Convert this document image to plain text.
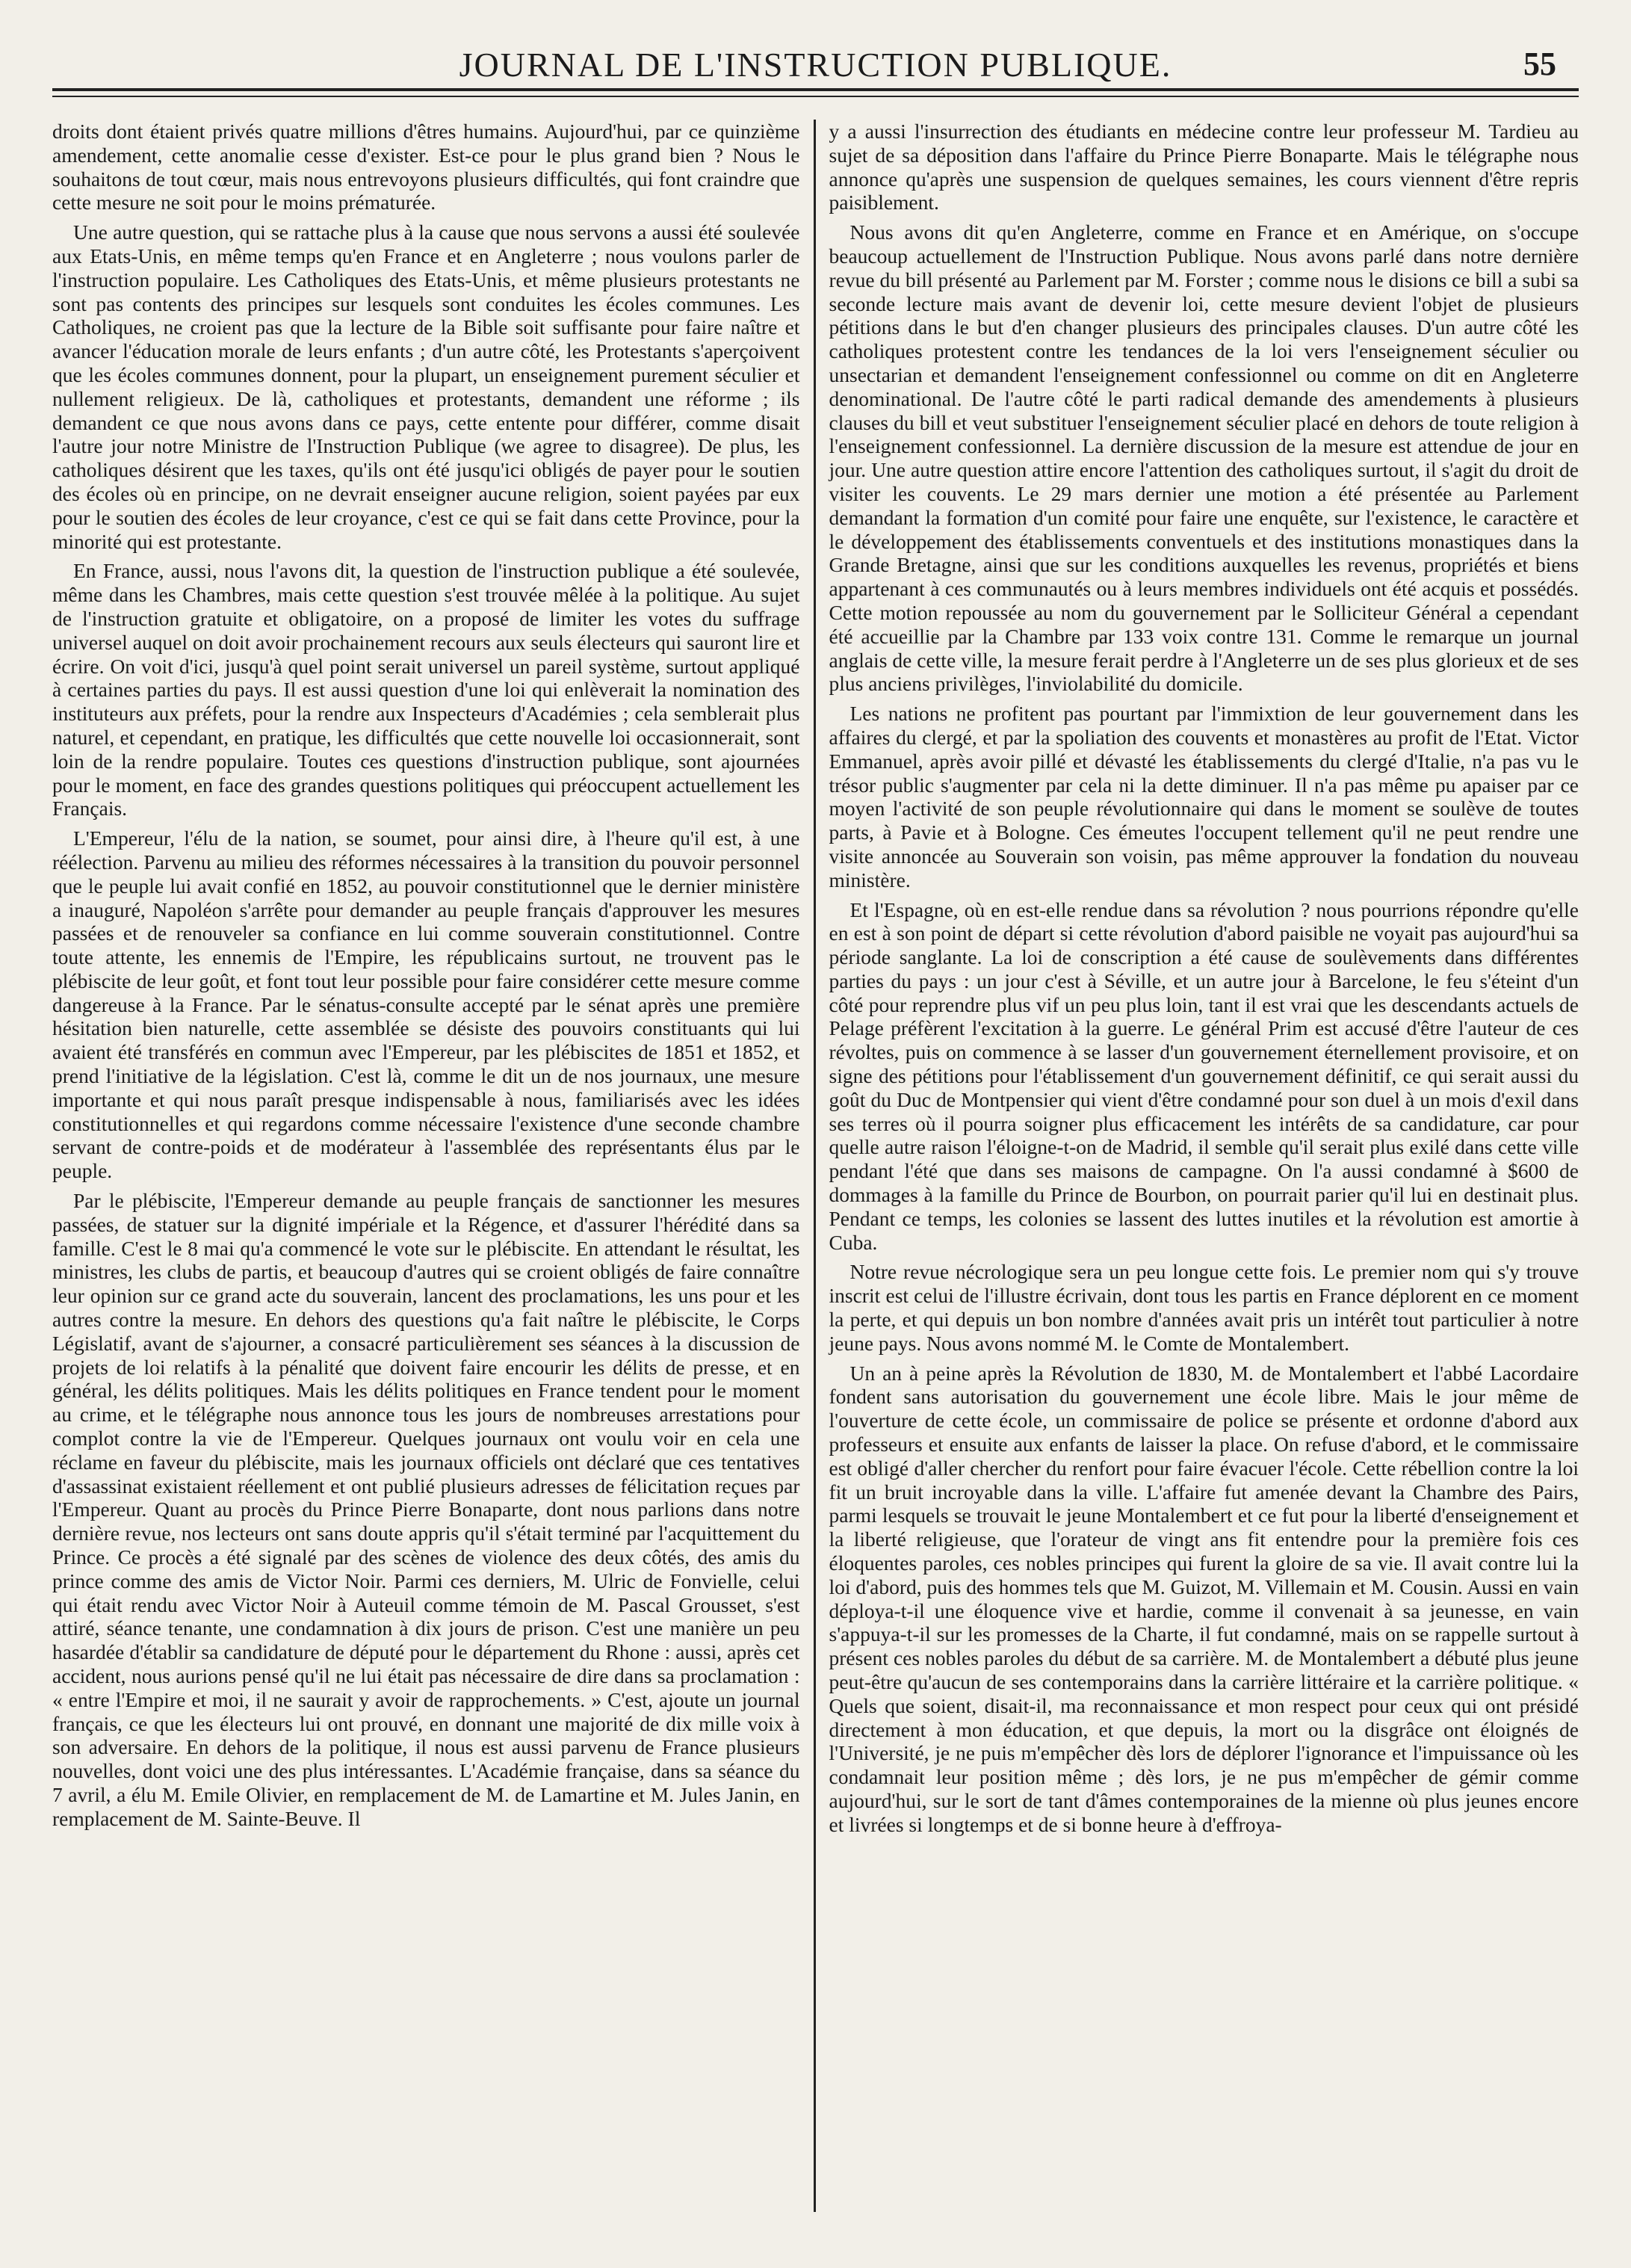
JOURNAL DE L'INSTRUCTION PUBLIQUE.	55

droits dont étaient privés quatre millions d'êtres humains. Aujourd'hui, par ce quinzième amendement, cette anomalie cesse d'exister. Est-ce pour le plus grand bien ? Nous le souhaitons de tout cœur, mais nous entrevoyons plusieurs difficultés, qui font craindre que cette mesure ne soit pour le moins prématurée.

Une autre question, qui se rattache plus à la cause que nous servons a aussi été soulevée aux Etats-Unis, en même temps qu'en France et en Angleterre ; nous voulons parler de l'instruction populaire. Les Catholiques des Etats-Unis, et même plusieurs protestants ne sont pas contents des principes sur lesquels sont conduites les écoles communes. Les Catholiques, ne croient pas que la lecture de la Bible soit suffisante pour faire naître et avancer l'éducation morale de leurs enfants ; d'un autre côté, les Protestants s'aperçoivent que les écoles communes donnent, pour la plupart, un enseignement purement séculier et nullement religieux. De là, catholiques et protestants, demandent une réforme ; ils demandent ce que nous avons dans ce pays, cette entente pour différer, comme disait l'autre jour notre Ministre de l'Instruction Publique (we agree to disagree). De plus, les catholiques désirent que les taxes, qu'ils ont été jusqu'ici obligés de payer pour le soutien des écoles où en principe, on ne devrait enseigner aucune religion, soient payées par eux pour le soutien des écoles de leur croyance, c'est ce qui se fait dans cette Province, pour la minorité qui est protestante.

En France, aussi, nous l'avons dit, la question de l'instruction publique a été soulevée, même dans les Chambres, mais cette question s'est trouvée mêlée à la politique. Au sujet de l'instruction gratuite et obligatoire, on a proposé de limiter les votes du suffrage universel auquel on doit avoir prochainement recours aux seuls électeurs qui sauront lire et écrire. On voit d'ici, jusqu'à quel point serait universel un pareil système, surtout appliqué à certaines parties du pays. Il est aussi question d'une loi qui enlèverait la nomination des instituteurs aux préfets, pour la rendre aux Inspecteurs d'Académies ; cela semblerait plus naturel, et cependant, en pratique, les difficultés que cette nouvelle loi occasionnerait, sont loin de la rendre populaire. Toutes ces questions d'instruction publique, sont ajournées pour le moment, en face des grandes questions politiques qui préoccupent actuellement les Français.

L'Empereur, l'élu de la nation, se soumet, pour ainsi dire, à l'heure qu'il est, à une réélection. Parvenu au milieu des réformes nécessaires à la transition du pouvoir personnel que le peuple lui avait confié en 1852, au pouvoir constitutionnel que le dernier ministère a inauguré, Napoléon s'arrête pour demander au peuple français d'approuver les mesures passées et de renouveler sa confiance en lui comme souverain constitutionnel. Contre toute attente, les ennemis de l'Empire, les républicains surtout, ne trouvent pas le plébiscite de leur goût, et font tout leur possible pour faire considérer cette mesure comme dangereuse à la France. Par le sénatus-consulte accepté par le sénat après une première hésitation bien naturelle, cette assemblée se désiste des pouvoirs constituants qui lui avaient été transférés en commun avec l'Empereur, par les plébiscites de 1851 et 1852, et prend l'initiative de la législation. C'est là, comme le dit un de nos journaux, une mesure importante et qui nous paraît presque indispensable à nous, familiarisés avec les idées constitutionnelles et qui regardons comme nécessaire l'existence d'une seconde chambre servant de contre-poids et de modérateur à l'assemblée des représentants élus par le peuple.

Par le plébiscite, l'Empereur demande au peuple français de sanctionner les mesures passées, de statuer sur la dignité impériale et la Régence, et d'assurer l'hérédité dans sa famille. C'est le 8 mai qu'a commencé le vote sur le plébiscite. En attendant le résultat, les ministres, les clubs de partis, et beaucoup d'autres qui se croient obligés de faire connaître leur opinion sur ce grand acte du souverain, lancent des proclamations, les uns pour et les autres contre la mesure. En dehors des questions qu'a fait naître le plébiscite, le Corps Législatif, avant de s'ajourner, a consacré particulièrement ses séances à la discussion de projets de loi relatifs à la pénalité que doivent faire encourir les délits de presse, et en général, les délits politiques. Mais les délits politiques en France tendent pour le moment au crime, et le télégraphe nous annonce tous les jours de nombreuses arrestations pour complot contre la vie de l'Empereur. Quelques journaux ont voulu voir en cela une réclame en faveur du plébiscite, mais les journaux officiels ont déclaré que ces tentatives d'assassinat existaient réellement et ont publié plusieurs adresses de félicitation reçues par l'Empereur. Quant au procès du Prince Pierre Bonaparte, dont nous parlions dans notre dernière revue, nos lecteurs ont sans doute appris qu'il s'était terminé par l'acquittement du Prince. Ce procès a été signalé par des scènes de violence des deux côtés, des amis du prince comme des amis de Victor Noir. Parmi ces derniers, M. Ulric de Fonvielle, celui qui était rendu avec Victor Noir à Auteuil comme témoin de M. Pascal Grousset, s'est attiré, séance tenante, une condamnation à dix jours de prison. C'est une manière un peu hasardée d'établir sa candidature de député pour le département du Rhone : aussi, après cet accident, nous aurions pensé qu'il ne lui était pas nécessaire de dire dans sa proclamation : « entre l'Empire et moi, il ne saurait y avoir de rapprochements. » C'est, ajoute un journal français, ce que les électeurs lui ont prouvé, en donnant une majorité de dix mille voix à son adversaire. En dehors de la politique, il nous est aussi parvenu de France plusieurs nouvelles, dont voici une des plus intéressantes. L'Académie française, dans sa séance du 7 avril, a élu M. Emile Olivier, en remplacement de M. de Lamartine et M. Jules Janin, en remplacement de M. Sainte-Beuve. Il

y a aussi l'insurrection des étudiants en médecine contre leur professeur M. Tardieu au sujet de sa déposition dans l'affaire du Prince Pierre Bonaparte. Mais le télégraphe nous annonce qu'après une suspension de quelques semaines, les cours viennent d'être repris paisiblement.

Nous avons dit qu'en Angleterre, comme en France et en Amérique, on s'occupe beaucoup actuellement de l'Instruction Publique. Nous avons parlé dans notre dernière revue du bill présenté au Parlement par M. Forster ; comme nous le disions ce bill a subi sa seconde lecture mais avant de devenir loi, cette mesure devient l'objet de plusieurs pétitions dans le but d'en changer plusieurs des principales clauses. D'un autre côté les catholiques protestent contre les tendances de la loi vers l'enseignement séculier ou unsectarian et demandent l'enseignement confessionnel ou comme on dit en Angleterre denominational. De l'autre côté le parti radical demande des amendements à plusieurs clauses du bill et veut substituer l'enseignement séculier placé en dehors de toute religion à l'enseignement confessionnel. La dernière discussion de la mesure est attendue de jour en jour. Une autre question attire encore l'attention des catholiques surtout, il s'agit du droit de visiter les couvents. Le 29 mars dernier une motion a été présentée au Parlement demandant la formation d'un comité pour faire une enquête, sur l'existence, le caractère et le développement des établissements conventuels et des institutions monastiques dans la Grande Bretagne, ainsi que sur les conditions auxquelles les revenus, propriétés et biens appartenant à ces communautés ou à leurs membres individuels ont été acquis et possédés. Cette motion repoussée au nom du gouvernement par le Solliciteur Général a cependant été accueillie par la Chambre par 133 voix contre 131. Comme le remarque un journal anglais de cette ville, la mesure ferait perdre à l'Angleterre un de ses plus glorieux et de ses plus anciens privilèges, l'inviolabilité du domicile.

Les nations ne profitent pas pourtant par l'immixtion de leur gouvernement dans les affaires du clergé, et par la spoliation des couvents et monastères au profit de l'Etat. Victor Emmanuel, après avoir pillé et dévasté les établissements du clergé d'Italie, n'a pas vu le trésor public s'augmenter par cela ni la dette diminuer. Il n'a pas même pu apaiser par ce moyen l'activité de son peuple révolutionnaire qui dans le moment se soulève de toutes parts, à Pavie et à Bologne. Ces émeutes l'occupent tellement qu'il ne peut rendre une visite annoncée au Souverain son voisin, pas même approuver la fondation du nouveau ministère.

Et l'Espagne, où en est-elle rendue dans sa révolution ? nous pourrions répondre qu'elle en est à son point de départ si cette révolution d'abord paisible ne voyait pas aujourd'hui sa période sanglante. La loi de conscription a été cause de soulèvements dans différentes parties du pays : un jour c'est à Séville, et un autre jour à Barcelone, le feu s'éteint d'un côté pour reprendre plus vif un peu plus loin, tant il est vrai que les descendants actuels de Pelage préfèrent l'excitation à la guerre. Le général Prim est accusé d'être l'auteur de ces révoltes, puis on commence à se lasser d'un gouvernement éternellement provisoire, et on signe des pétitions pour l'établissement d'un gouvernement définitif, ce qui serait aussi du goût du Duc de Montpensier qui vient d'être condamné pour son duel à un mois d'exil dans ses terres où il pourra soigner plus efficacement les intérêts de sa candidature, car pour quelle autre raison l'éloigne-t-on de Madrid, il semble qu'il serait plus exilé dans cette ville pendant l'été que dans ses maisons de campagne. On l'a aussi condamné à $600 de dommages à la famille du Prince de Bourbon, on pourrait parier qu'il lui en destinait plus. Pendant ce temps, les colonies se lassent des luttes inutiles et la révolution est amortie à Cuba.

Notre revue nécrologique sera un peu longue cette fois. Le premier nom qui s'y trouve inscrit est celui de l'illustre écrivain, dont tous les partis en France déplorent en ce moment la perte, et qui depuis un bon nombre d'années avait pris un intérêt tout particulier à notre jeune pays. Nous avons nommé M. le Comte de Montalembert.

Un an à peine après la Révolution de 1830, M. de Montalembert et l'abbé Lacordaire fondent sans autorisation du gouvernement une école libre. Mais le jour même de l'ouverture de cette école, un commissaire de police se présente et ordonne d'abord aux professeurs et ensuite aux enfants de laisser la place. On refuse d'abord, et le commissaire est obligé d'aller chercher du renfort pour faire évacuer l'école. Cette rébellion contre la loi fit un bruit incroyable dans la ville. L'affaire fut amenée devant la Chambre des Pairs, parmi lesquels se trouvait le jeune Montalembert et ce fut pour la liberté d'enseignement et la liberté religieuse, que l'orateur de vingt ans fit entendre pour la première fois ces éloquentes paroles, ces nobles principes qui furent la gloire de sa vie. Il avait contre lui la loi d'abord, puis des hommes tels que M. Guizot, M. Villemain et M. Cousin. Aussi en vain déploya-t-il une éloquence vive et hardie, comme il convenait à sa jeunesse, en vain s'appuya-t-il sur les promesses de la Charte, il fut condamné, mais on se rappelle surtout à présent ces nobles paroles du début de sa carrière. M. de Montalembert a débuté plus jeune peut-être qu'aucun de ses contemporains dans la carrière littéraire et la carrière politique. « Quels que soient, disait-il, ma reconnaissance et mon respect pour ceux qui ont présidé directement à mon éducation, et que depuis, la mort ou la disgrâce ont éloignés de l'Université, je ne puis m'empêcher dès lors de déplorer l'ignorance et l'impuissance où les condamnait leur position même ; dès lors, je ne pus m'empêcher de gémir comme aujourd'hui, sur le sort de tant d'âmes contemporaines de la mienne où plus jeunes encore et livrées si longtemps et de si bonne heure à d'effroya-
